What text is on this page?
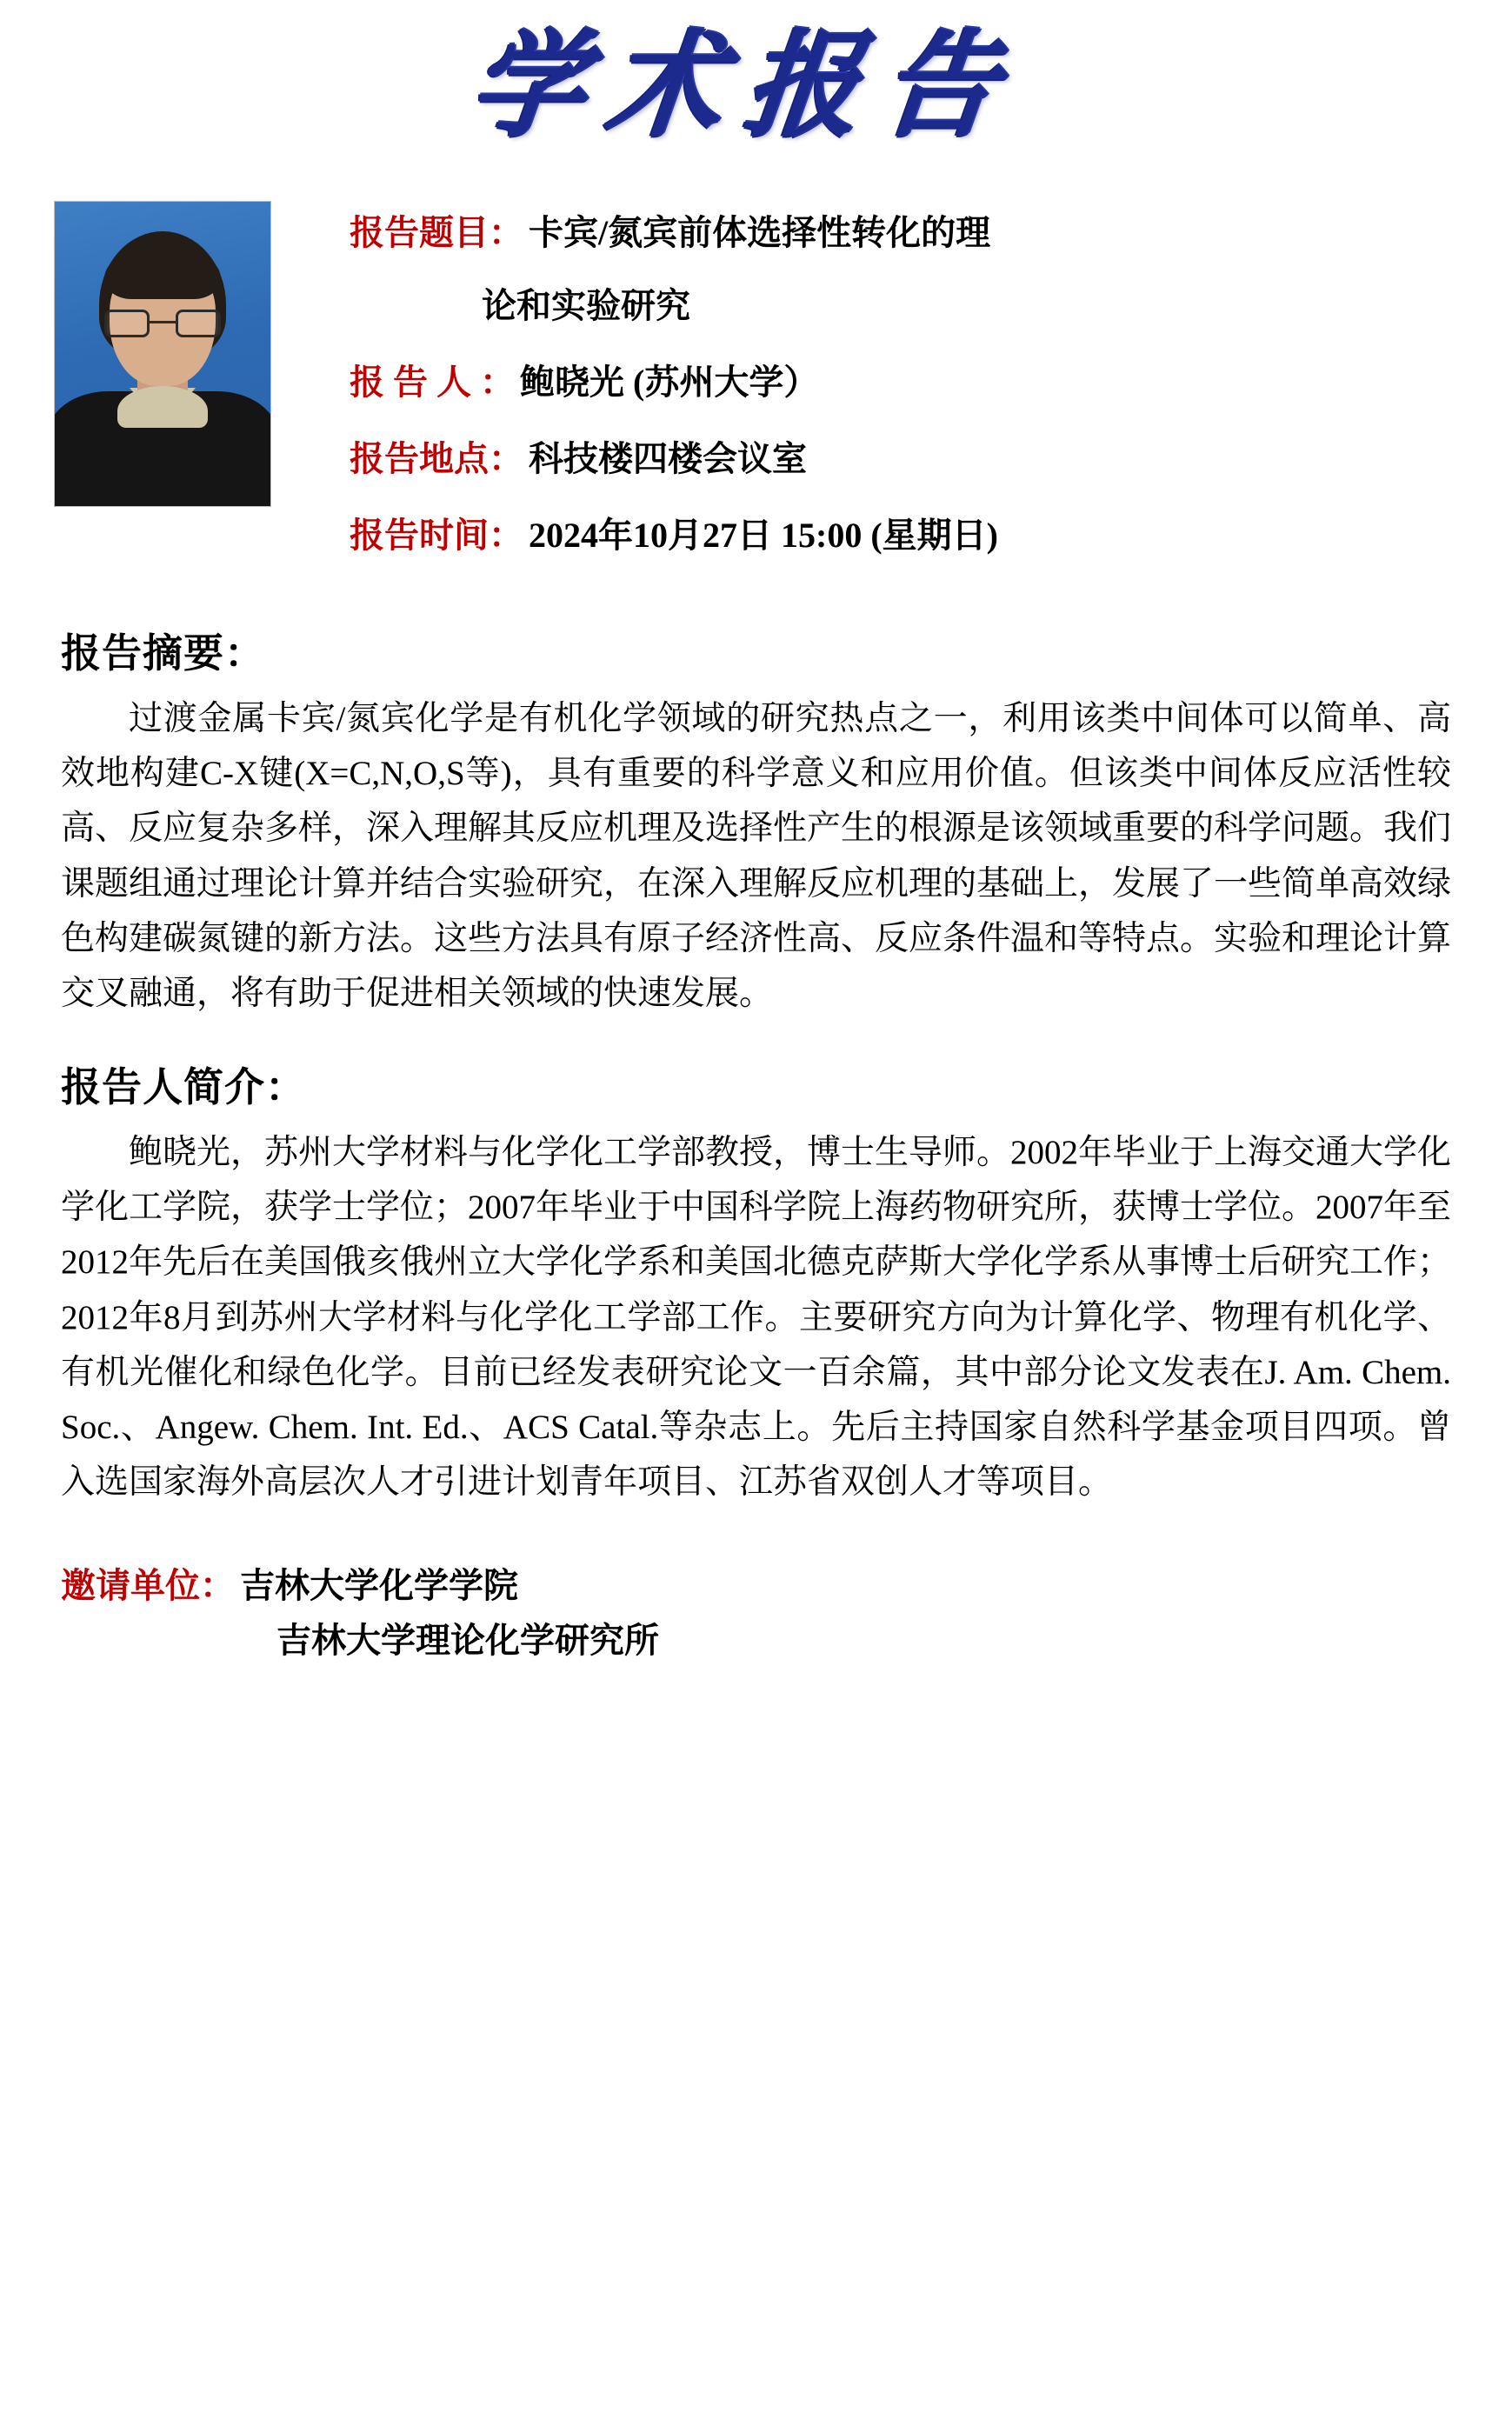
学术报告
报告题目： 卡宾/氮宾前体选择性转化的理
论和实验研究
报 告 人 ： 鲍晓光 (苏州大学）
报告地点： 科技楼四楼会议室
报告时间： 2024年10月27日 15:00 (星期日)
报告摘要：

过渡金属卡宾/氮宾化学是有机化学领域的研究热点之一，利用该类中间体可以简单、高效地构建C-X键(X=C,N,O,S等)，具有重要的科学意义和应用价值。但该类中间体反应活性较高、反应复杂多样，深入理解其反应机理及选择性产生的根源是该领域重要的科学问题。我们课题组通过理论计算并结合实验研究，在深入理解反应机理的基础上，发展了一些简单高效绿色构建碳氮键的新方法。这些方法具有原子经济性高、反应条件温和等特点。实验和理论计算交叉融通，将有助于促进相关领域的快速发展。

报告人简介：

鲍晓光，苏州大学材料与化学化工学部教授，博士生导师。2002年毕业于上海交通大学化学化工学院，获学士学位；2007年毕业于中国科学院上海药物研究所，获博士学位。2007年至2012年先后在美国俄亥俄州立大学化学系和美国北德克萨斯大学化学系从事博士后研究工作；2012年8月到苏州大学材料与化学化工学部工作。主要研究方向为计算化学、物理有机化学、有机光催化和绿色化学。目前已经发表研究论文一百余篇，其中部分论文发表在J. Am. Chem. Soc.、Angew. Chem. Int. Ed.、ACS Catal.等杂志上。先后主持国家自然科学基金项目四项。曾入选国家海外高层次人才引进计划青年项目、江苏省双创人才等项目。

邀请单位： 吉林大学化学学院
吉林大学理论化学研究所
